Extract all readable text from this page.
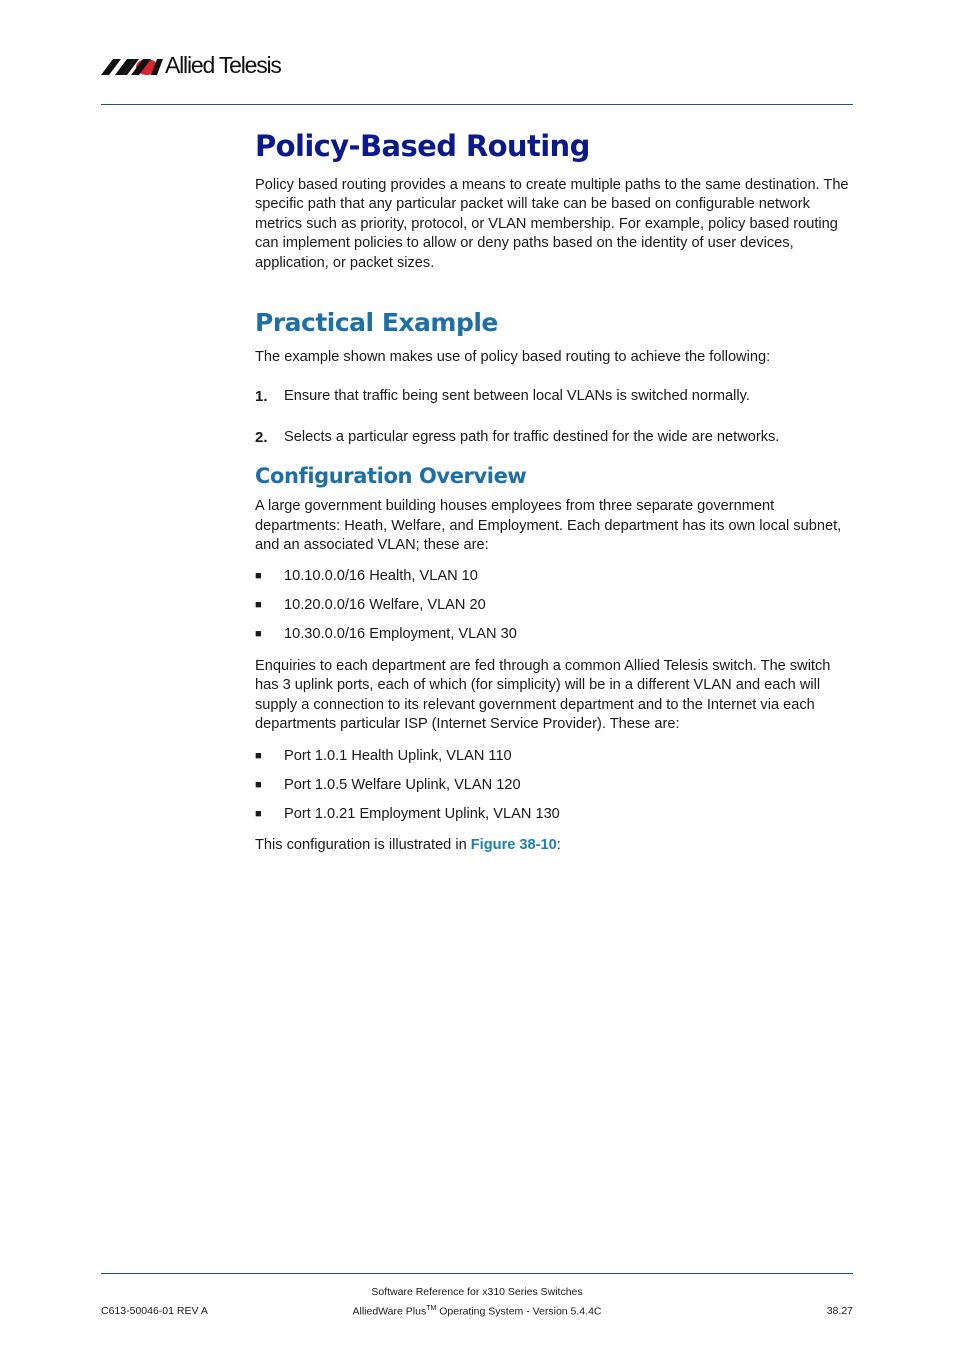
Allied Telesis
Policy-Based Routing

Policy based routing provides a means to create multiple paths to the same destination. The specific path that any particular packet will take can be based on configurable network metrics such as priority, protocol, or VLAN membership. For example, policy based routing can implement policies to allow or deny paths based on the identity of user devices, application, or packet sizes.

Practical Example

The example shown makes use of policy based routing to achieve the following:

1.	Ensure that traffic being sent between local VLANs is switched normally.
2.	Selects a particular egress path for traffic destined for the wide are networks.
Configuration Overview

A large government building houses employees from three separate government departments: Heath, Welfare, and Employment. Each department has its own local subnet, and an associated VLAN; these are:

■	10.10.0.0/16 Health, VLAN 10
■	10.20.0.0/16 Welfare, VLAN 20
■	10.30.0.0/16 Employment, VLAN 30

Enquiries to each department are fed through a common Allied Telesis switch. The switch has 3 uplink ports, each of which (for simplicity) will be in a different VLAN and each will supply a connection to its relevant government department and to the Internet via each departments particular ISP (Internet Service Provider). These are:

■	Port 1.0.1 Health Uplink, VLAN 110
■	Port 1.0.5 Welfare Uplink, VLAN 120
■	Port 1.0.21 Employment Uplink, VLAN 130

This configuration is illustrated in Figure 38-10:

Software Reference for x310 Series Switches
AlliedWare Plus™ Operating System - Version 5.4.4C
C613-50046-01 REV A	38.27
